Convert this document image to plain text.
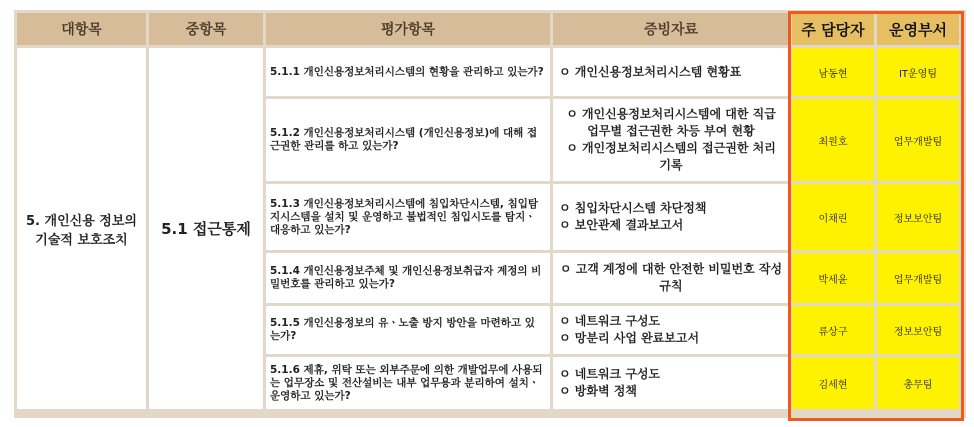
대항목	중항목	평가항목	증빙자료	주 담당자	운영부서
5. 개인신용 정보의
기술적 보호조치	5.1 접근통제	5.1.1 개인신용정보처리시스템의 현황을 관리하고 있는가?	ㅇ 개인신용정보처리시스템 현황표	남동현	IT운영팀
		5.1.2 개인신용정보처리시스템 (개인신용정보)에 대해 접근권한 관리를 하고 있는가?	ㅇ 개인신용정보처리시스템에 대한 직급 업무별 접근권한 차등 부여 현황
ㅇ 개인정보처리시스템의 접근권한 처리 기록	최원호	업무개발팀
		5.1.3 개인신용정보처리시스템에 침입차단시스템, 침입탐지시스템을 설치 및 운영하고 불법적인 침입시도를 탐지ㆍ대응하고 있는가?	ㅇ 침입차단시스템 차단정책
ㅇ 보안관제 결과보고서	이채린	정보보안팀
		5.1.4 개인신용정보주체 및 개인신용정보취급자 계정의 비밀번호를 관리하고 있는가?	ㅇ 고객 계정에 대한 안전한 비밀번호 작성규칙	박세윤	업무개발팀
		5.1.5 개인신용정보의 유ㆍ노출 방지 방안을 마련하고 있는가?	ㅇ 네트워크 구성도
ㅇ 망분리 사업 완료보고서	류상구	정보보안팀
		5.1.6 제휴, 위탁 또는 외부주문에 의한 개발업무에 사용되는 업무장소 및 전산설비는 내부 업무용과 분리하여 설치ㆍ운영하고 있는가?	ㅇ 네트워크 구성도
ㅇ 방화벽 정책	김세현	총무팀
